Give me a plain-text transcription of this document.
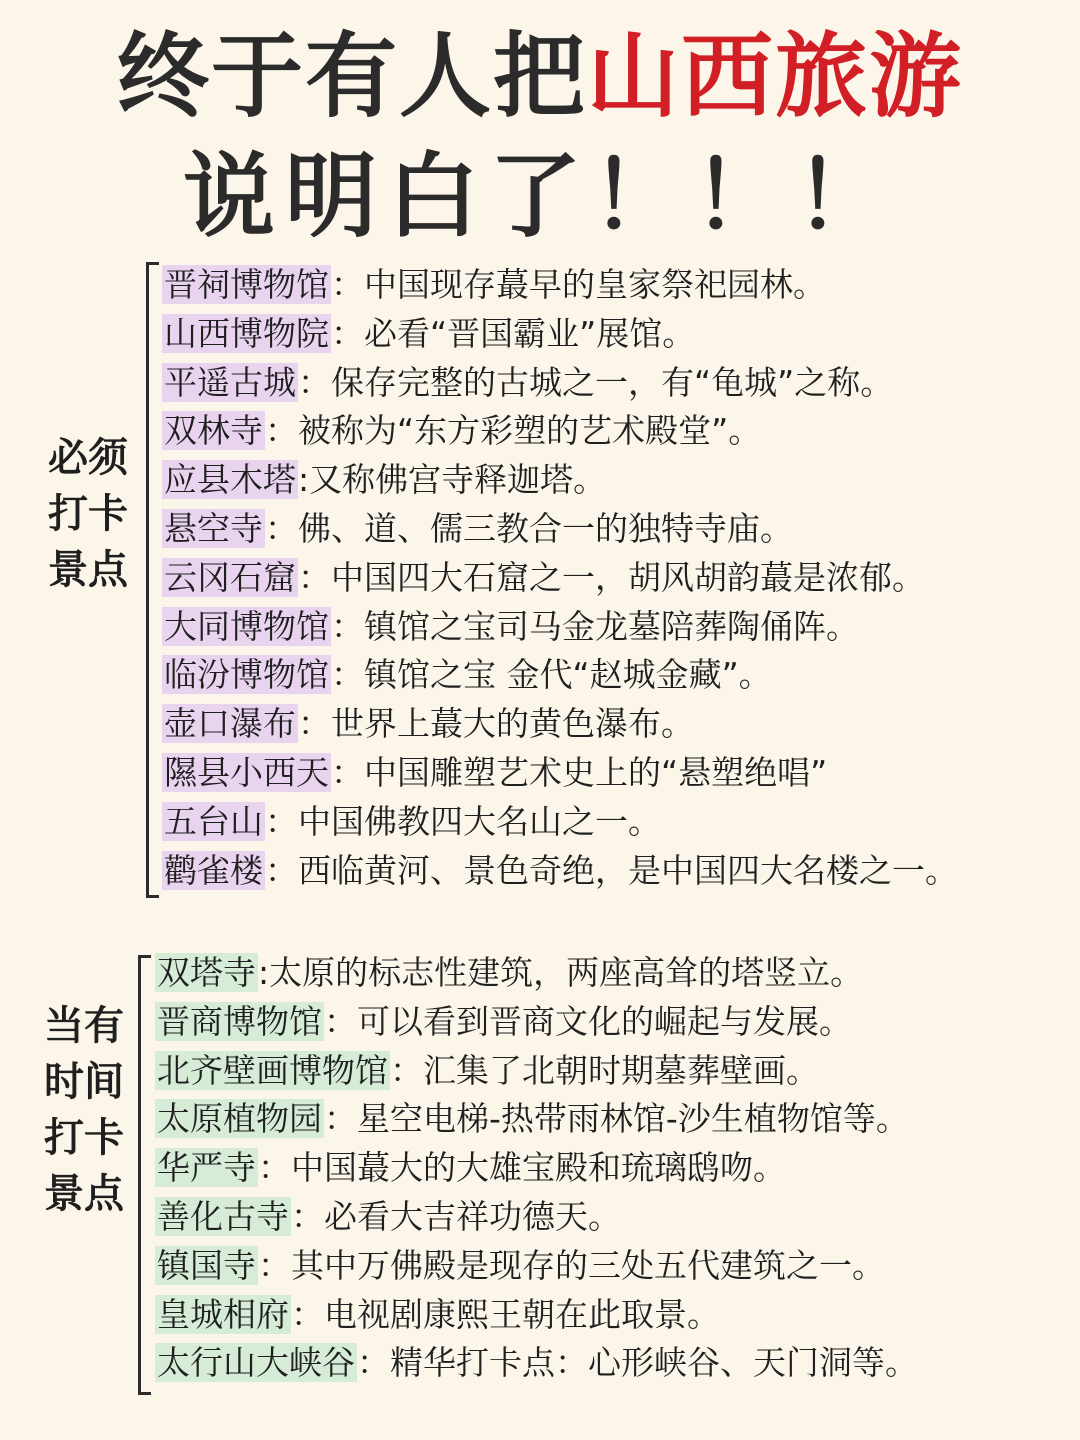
终于有人把山西旅游
说明白了！！！
必须
打卡
景点
晋祠博物馆：中国现存蕞早的皇家祭祀园林。
山西博物院：必看“晋国霸业”展馆。
平遥古城：保存完整的古城之一，有“龟城”之称。
双林寺：被称为“东方彩塑的艺术殿堂”。
应县木塔:又称佛宫寺释迦塔。
悬空寺：佛、道、儒三教合一的独特寺庙。
云冈石窟：中国四大石窟之一，胡风胡韵蕞是浓郁。
大同博物馆：镇馆之宝司马金龙墓陪葬陶俑阵。
临汾博物馆：镇馆之宝 金代“赵城金藏”。
壶口瀑布：世界上蕞大的黄色瀑布。
隰县小西天：中国雕塑艺术史上的“悬塑绝唱”
五台山：中国佛教四大名山之一。
鹳雀楼：西临黄河、景色奇绝，是中国四大名楼之一。
当有
时间
打卡
景点
双塔寺:太原的标志性建筑，两座高耸的塔竖立。
晋商博物馆：可以看到晋商文化的崛起与发展。
北齐壁画博物馆：汇集了北朝时期墓葬壁画。
太原植物园：星空电梯-热带雨林馆-沙生植物馆等。
华严寺：中国蕞大的大雄宝殿和琉璃鸱吻。
善化古寺：必看大吉祥功德天。
镇国寺：其中万佛殿是现存的三处五代建筑之一。
皇城相府：电视剧康熙王朝在此取景。
太行山大峡谷：精华打卡点：心形峡谷、天门洞等。
